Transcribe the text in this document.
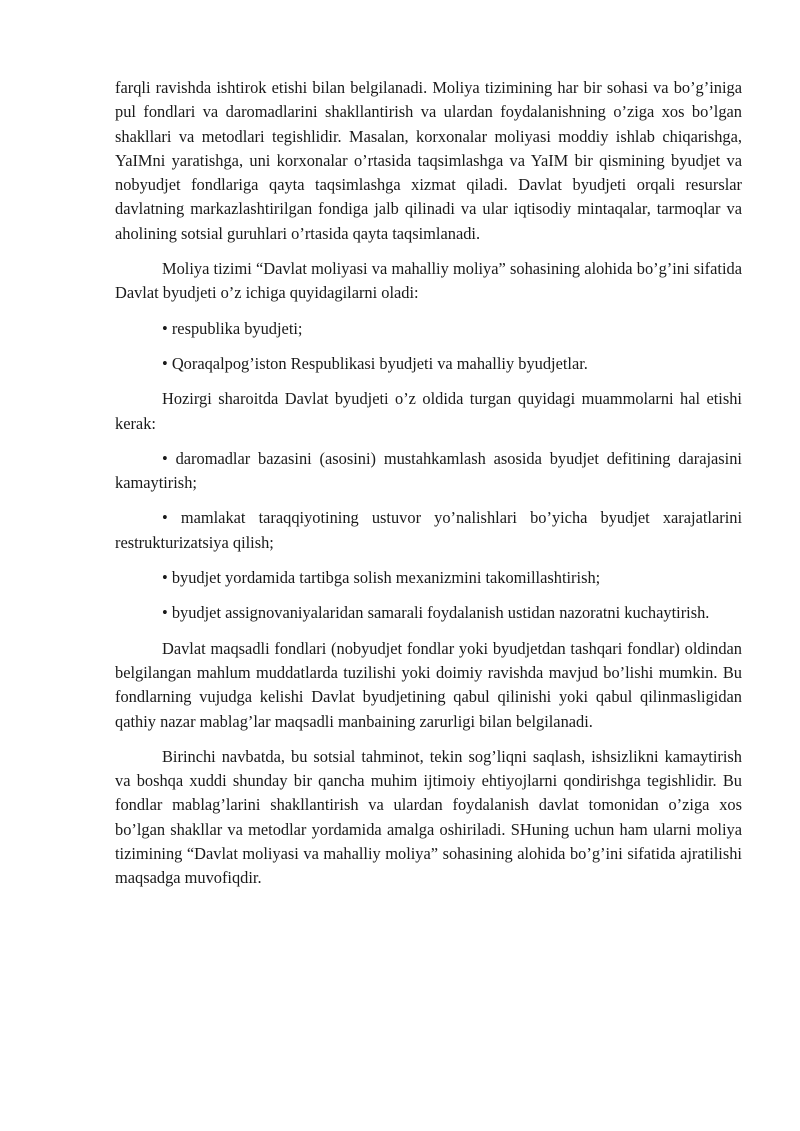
farqli ravishda ishtirok etishi bilan belgilanadi. Moliya tizimining har bir sohasi va bo’g’iniga pul fondlari va daromadlarini shakllantirish va ulardan foydalanishning o’ziga xos bo’lgan shakllari va metodlari tegishlidir. Masalan, korxonalar moliyasi moddiy ishlab chiqarishga, YaIMni yaratishga, uni korxonalar o’rtasida taqsimlashga va YaIM bir qismining byudjet va nobyudjet fondlariga qayta taqsimlashga xizmat qiladi. Davlat byudjeti orqali resurslar davlatning markazlashtirilgan fondiga jalb qilinadi va ular iqtisodiy mintaqalar, tarmoqlar va aholining sotsial guruhlari o’rtasida qayta taqsimlanadi.

Moliya tizimi “Davlat moliyasi va mahalliy moliya” sohasining alohida bo’g’ini sifatida Davlat byudjeti o’z ichiga quyidagilarni oladi:

• respublika byudjeti;

• Qoraqalpog’iston Respublikasi byudjeti va mahalliy byudjetlar.

Hozirgi sharoitda Davlat byudjeti o’z oldida turgan quyidagi muammolarni hal etishi kerak:

• daromadlar bazasini (asosini) mustahkamlash asosida byudjet defitining darajasini kamaytirish;

• mamlakat taraqqiyotining ustuvor yo’nalishlari bo’yicha byudjet xarajatlarini restrukturizatsiya qilish;

• byudjet yordamida tartibga solish mexanizmini takomillashtirish;

• byudjet assignovaniyalaridan samarali foydalanish ustidan nazoratni kuchaytirish.

Davlat maqsadli fondlari (nobyudjet fondlar yoki byudjetdan tashqari fondlar) oldindan belgilangan mahlum muddatlarda tuzilishi yoki doimiy ravishda mavjud bo’lishi mumkin. Bu fondlarning vujudga kelishi Davlat byudjetining qabul qilinishi yoki qabul qilinmasligidan qathiy nazar mablag’lar maqsadli manbaining zarurligi bilan belgilanadi.

Birinchi navbatda, bu sotsial tahminot, tekin sog’liqni saqlash, ishsizlikni kamaytirish va boshqa xuddi shunday bir qancha muhim ijtimoiy ehtiyojlarni qondirishga tegishlidir. Bu fondlar mablag’larini shakllantirish va ulardan foydalanish davlat tomonidan o’ziga xos bo’lgan shakllar va metodlar yordamida amalga oshiriladi. SHuning uchun ham ularni moliya tizimining “Davlat moliyasi va mahalliy moliya” sohasining alohida bo’g’ini sifatida ajratilishi maqsadga muvofiqdir.
